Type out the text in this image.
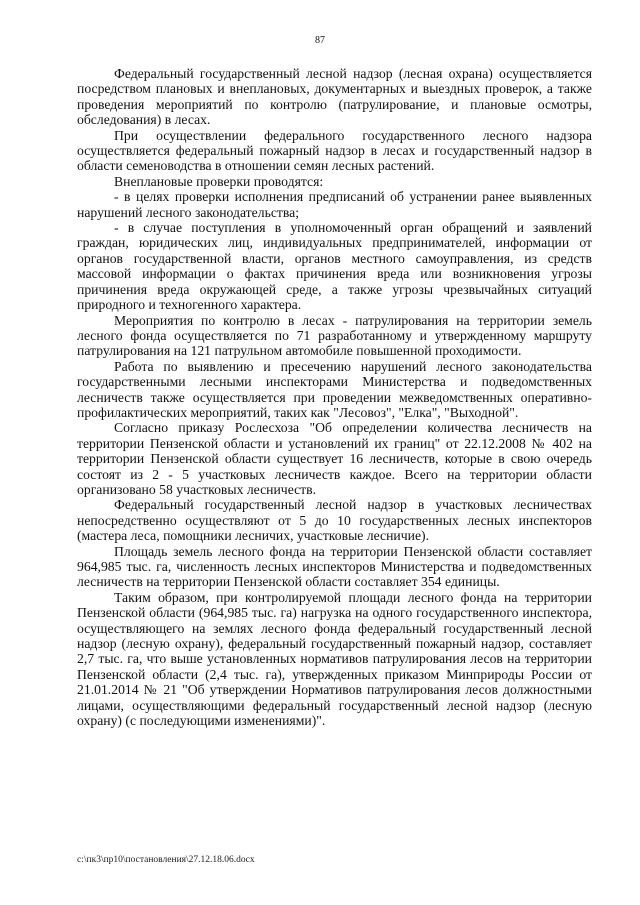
87

Федеральный государственный лесной надзор (лесная охрана) осуществляется посредством плановых и внеплановых, документарных и выездных проверок, а также проведения мероприятий по контролю (патрулирование, и плановые осмотры, обследования) в лесах.

При осуществлении федерального государственного лесного надзора осуществляется федеральный пожарный надзор в лесах и государственный надзор в области семеноводства в отношении семян лесных растений.

Внеплановые проверки проводятся:

- в целях проверки исполнения предписаний об устранении ранее выявленных нарушений лесного законодательства;

- в случае поступления в уполномоченный орган обращений и заявлений граждан, юридических лиц, индивидуальных предпринимателей, информации от органов государственной власти, органов местного самоуправления, из средств массовой информации о фактах причинения вреда или возникновения угрозы причинения вреда окружающей среде, а также угрозы чрезвычайных ситуаций природного и техногенного характера.

Мероприятия по контролю в лесах - патрулирования на территории земель лесного фонда осуществляется по 71 разработанному и утвержденному маршруту патрулирования на 121 патрульном автомобиле повышенной проходимости.

Работа по выявлению и пресечению нарушений лесного законодательства государственными лесными инспекторами Министерства и подведомственных лесничеств также осуществляется при проведении межведомственных оперативно-профилактических мероприятий, таких как "Лесовоз", "Елка", "Выходной".

Согласно приказу Рослесхоза "Об определении количества лесничеств на территории Пензенской области и установлений их границ" от 22.12.2008 № 402 на территории Пензенской области существует 16 лесничеств, которые в свою очередь состоят из 2 - 5 участковых лесничеств каждое. Всего на территории области организовано 58 участковых лесничеств.

Федеральный государственный лесной надзор в участковых лесничествах непосредственно осуществляют от 5 до 10 государственных лесных инспекторов (мастера леса, помощники лесничих, участковые лесничие).

Площадь земель лесного фонда на территории Пензенской области составляет 964,985 тыс. га, численность лесных инспекторов Министерства и подведомственных лесничеств на территории Пензенской области составляет 354 единицы.

Таким образом, при контролируемой площади лесного фонда на территории Пензенской области (964,985 тыс. га) нагрузка на одного государственного инспектора, осуществляющего на землях лесного фонда федеральный государственный лесной надзор (лесную охрану), федеральный государственный пожарный надзор, составляет 2,7 тыс. га, что выше установленных нормативов патрулирования лесов на территории Пензенской области (2,4 тыс. га), утвержденных приказом Минприроды России от 21.01.2014 № 21 "Об утверждении Нормативов патрулирования лесов должностными лицами, осуществляющими федеральный государственный лесной надзор (лесную охрану) (с последующими изменениями)".

c:\пк3\пр10\постановления\27.12.18.06.docx
